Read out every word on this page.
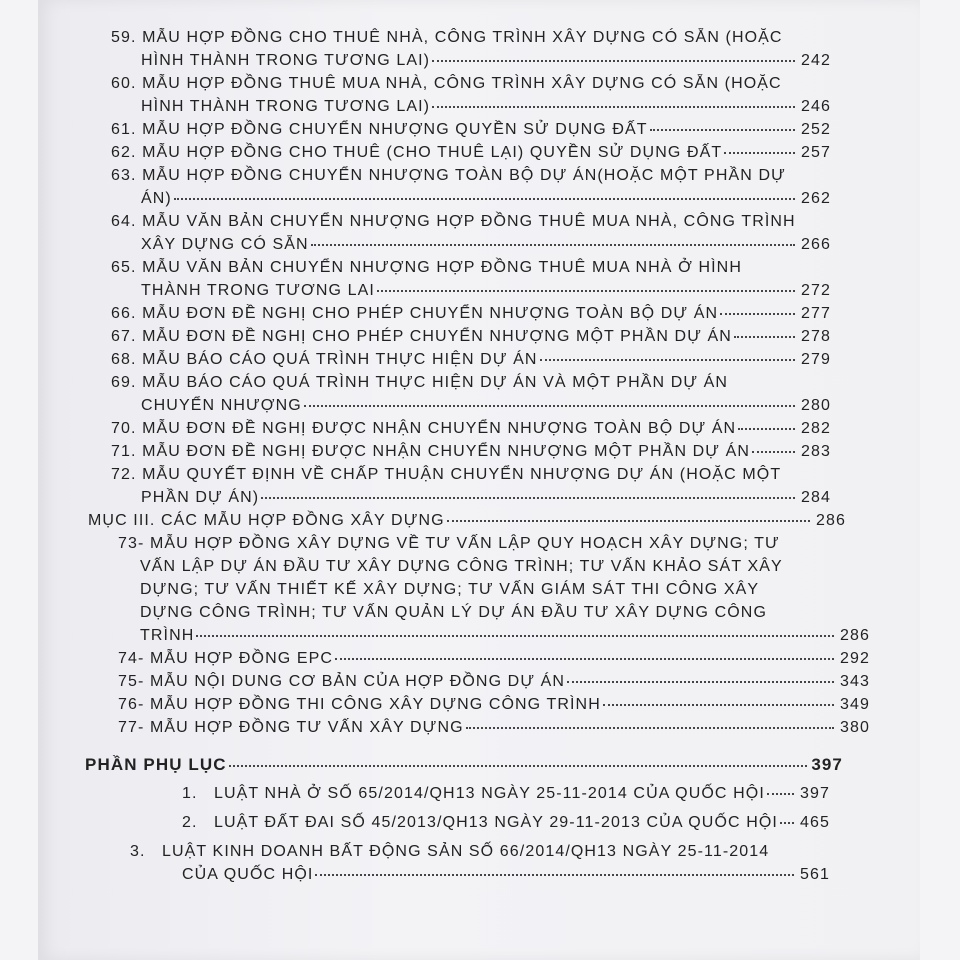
59. MẪU HỢP ĐỒNG CHO THUÊ NHÀ, CÔNG TRÌNH XÂY DỰNG CÓ SẴN (HOẶC
HÌNH THÀNH TRONG TƯƠNG LAI)	242
60. MẪU HỢP ĐỒNG THUÊ MUA NHÀ, CÔNG TRÌNH XÂY DỰNG CÓ SẴN (HOẶC
HÌNH THÀNH TRONG TƯƠNG LAI)	246
61. MẪU HỢP ĐỒNG CHUYỂN NHƯỢNG QUYỀN SỬ DỤNG ĐẤT	252
62. MẪU HỢP ĐỒNG CHO THUÊ (CHO THUÊ LẠI) QUYỀN SỬ DỤNG ĐẤT	257
63. MẪU HỢP ĐỒNG CHUYỂN NHƯỢNG TOÀN BỘ DỰ ÁN(HOẶC MỘT PHẦN DỰ
ÁN)	262
64. MẪU VĂN BẢN CHUYỂN NHƯỢNG HỢP ĐỒNG THUÊ MUA NHÀ, CÔNG TRÌNH
XÂY DỰNG CÓ SẴN	266
65. MẪU VĂN BẢN CHUYỂN NHƯỢNG HỢP ĐỒNG THUÊ MUA NHÀ Ở HÌNH
THÀNH TRONG TƯƠNG LAI	272
66. MẪU ĐƠN ĐỀ NGHỊ CHO PHÉP CHUYỂN NHƯỢNG TOÀN BỘ DỰ ÁN	277
67. MẪU ĐƠN ĐỀ NGHỊ CHO PHÉP CHUYỂN NHƯỢNG MỘT PHẦN DỰ ÁN	278
68. MẪU BÁO CÁO QUÁ TRÌNH THỰC HIỆN DỰ ÁN	279
69. MẪU BÁO CÁO QUÁ TRÌNH THỰC HIỆN DỰ ÁN VÀ MỘT PHẦN DỰ ÁN
CHUYỂN NHƯỢNG	280
70. MẪU ĐƠN ĐỀ NGHỊ ĐƯỢC NHẬN CHUYỂN NHƯỢNG TOÀN BỘ DỰ ÁN	282
71. MẪU ĐƠN ĐỀ NGHỊ ĐƯỢC NHẬN CHUYỂN NHƯỢNG MỘT PHẦN DỰ ÁN	283
72. MẪU QUYẾT ĐỊNH VỀ CHẤP THUẬN CHUYỂN NHƯỢNG DỰ ÁN (HOẶC MỘT
PHẦN DỰ ÁN)	284
MỤC III. CÁC MẪU HỢP ĐỒNG XÂY DỰNG	286
73- MẪU HỢP ĐỒNG XÂY DỰNG VỀ TƯ VẤN LẬP QUY HOẠCH XÂY DỰNG; TƯ
VẤN LẬP DỰ ÁN ĐẦU TƯ XÂY DỰNG CÔNG TRÌNH; TƯ VẤN KHẢO SÁT XÂY
DỰNG; TƯ VẤN THIẾT KẾ XÂY DỰNG; TƯ VẤN GIÁM SÁT THI CÔNG XÂY
DỰNG CÔNG TRÌNH; TƯ VẤN QUẢN LÝ DỰ ÁN ĐẦU TƯ XÂY DỰNG CÔNG
TRÌNH	286
74- MẪU HỢP ĐỒNG EPC	292
75- MẪU NỘI DUNG CƠ BẢN CỦA HỢP ĐỒNG DỰ ÁN	343
76- MẪU HỢP ĐỒNG THI CÔNG XÂY DỰNG CÔNG TRÌNH	349
77- MẪU HỢP ĐỒNG TƯ VẤN XÂY DỰNG	380
PHẦN PHỤ LỤC	397
1. LUẬT NHÀ Ở SỐ 65/2014/QH13 NGÀY 25-11-2014 CỦA QUỐC HỘI 397
2. LUẬT ĐẤT ĐAI SỐ 45/2013/QH13 NGÀY 29-11-2013 CỦA QUỐC HỘI 465
3. LUẬT KINH DOANH BẤT ĐỘNG SẢN SỐ 66/2014/QH13 NGÀY 25-11-2014
CỦA QUỐC HỘI	561
